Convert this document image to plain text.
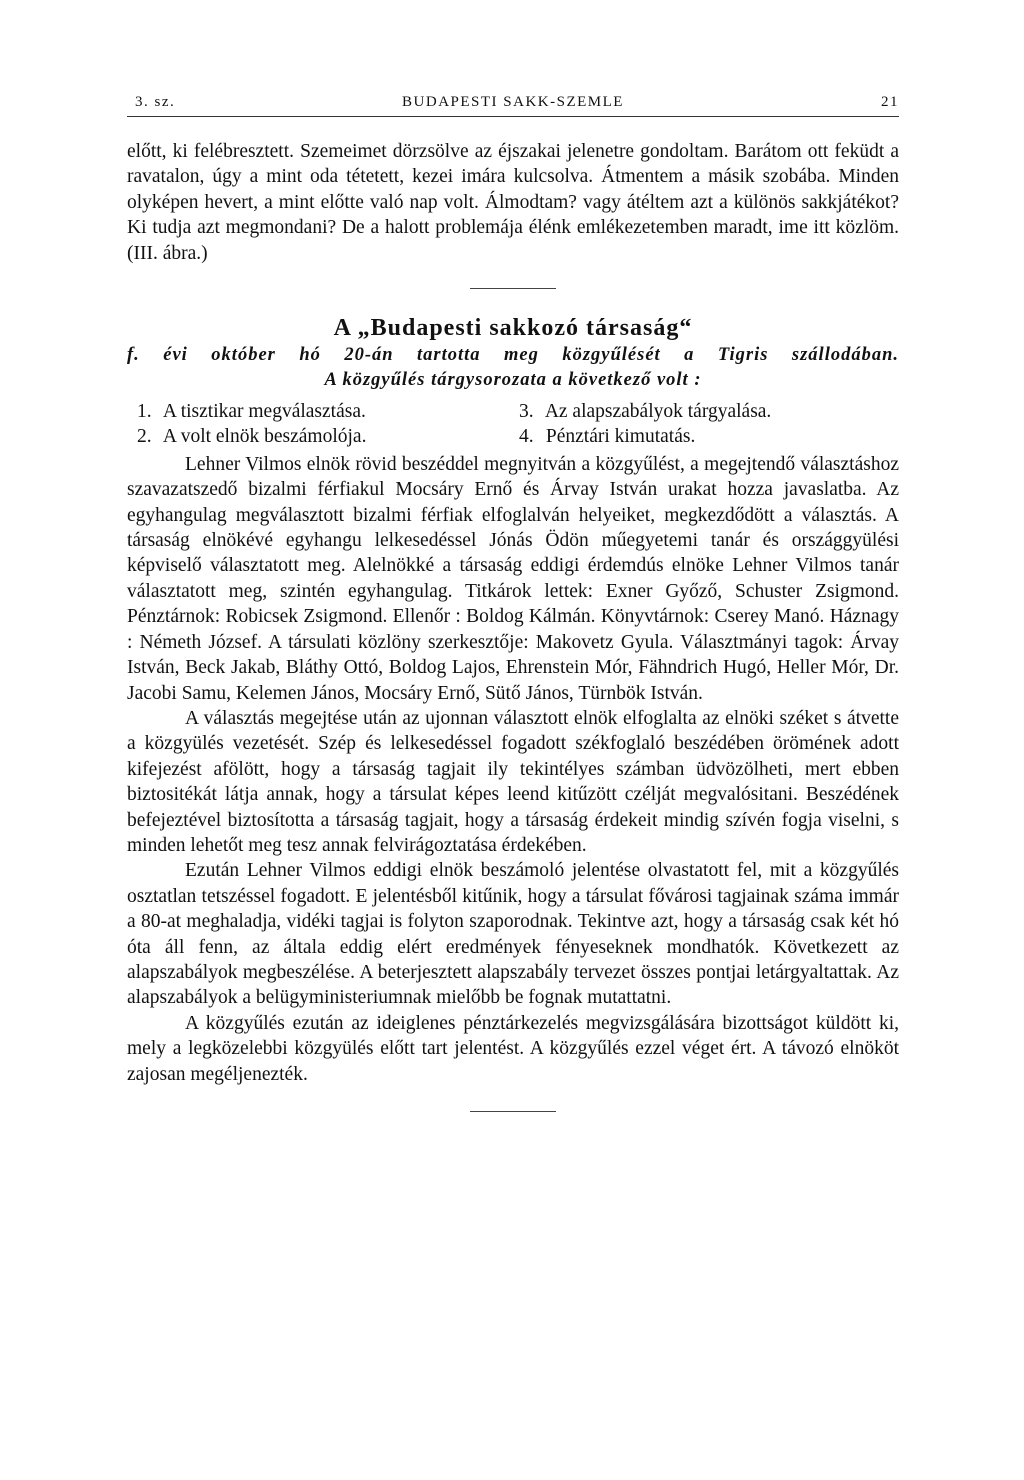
3. sz.	BUDAPESTI SAKK-SZEMLE	21

előtt, ki felébresztett. Szemeimet dörzsölve az éjszakai jelenetre gondoltam. Barátom ott feküdt a ravatalon, úgy a mint oda tétetett, kezei imára kulcsolva. Átmentem a másik szobába. Minden olyképen hevert, a mint előtte való nap volt. Álmodtam? vagy átéltem azt a különös sakkjátékot? Ki tudja azt megmondani? De a halott problemája élénk emlékezetemben maradt, ime itt közlöm. (III. ábra.)

A „Budapesti sakkozó társaság“

f. évi október hó 20-án tartotta meg közgyűlését a Tigris szállodában.

A közgyűlés tárgysorozata a következő volt :

1. A tisztikar megválasztása.	3. Az alapszabályok tárgyalása.
2. A volt elnök beszámolója.	4. Pénztári kimutatás.

Lehner Vilmos elnök rövid beszéddel megnyitván a közgyűlést, a megejtendő választáshoz szavazatszedő bizalmi férfiakul Mocsáry Ernő és Árvay István urakat hozza javaslatba. Az egyhangulag megválasztott bizalmi férfiak elfoglalván helyeiket, megkezdődött a választás. A társaság elnökévé egyhangu lelkesedéssel Jónás Ödön műegyetemi tanár és országgyülési képviselő választatott meg. Alelnökké a társaság eddigi érdemdús elnöke Lehner Vilmos tanár választatott meg, szintén egyhangulag. Titkárok lettek: Exner Győző, Schuster Zsigmond. Pénztárnok: Robicsek Zsigmond. Ellenőr : Boldog Kálmán. Könyvtárnok: Cserey Manó. Háznagy : Németh József. A társulati közlöny szerkesztője: Makovetz Gyula. Választmányi tagok: Árvay István, Beck Jakab, Bláthy Ottó, Boldog Lajos, Ehrenstein Mór, Fähndrich Hugó, Heller Mór, Dr. Jacobi Samu, Kelemen János, Mocsáry Ernő, Sütő János, Türnbök István.

A választás megejtése után az ujonnan választott elnök elfoglalta az elnöki széket s átvette a közgyülés vezetését. Szép és lelkesedéssel fogadott székfoglaló beszédében örömének adott kifejezést afölött, hogy a társaság tagjait ily tekintélyes számban üdvözölheti, mert ebben biztositékát látja annak, hogy a társulat képes leend kitűzött czélját megvalósitani. Beszédének befejeztével biztosította a társaság tagjait, hogy a társaság érdekeit mindig szívén fogja viselni, s minden lehetőt meg tesz annak felvirágoztatása érdekében.

Ezután Lehner Vilmos eddigi elnök beszámoló jelentése olvastatott fel, mit a közgyűlés osztatlan tetszéssel fogadott. E jelentésből kitűnik, hogy a társulat fővárosi tagjainak száma immár a 80-at meghaladja, vidéki tagjai is folyton szaporodnak. Tekintve azt, hogy a társaság csak két hó óta áll fenn, az általa eddig elért eredmények fényeseknek mondhatók. Következett az alapszabályok megbeszélése. A beterjesztett alapszabály tervezet összes pontjai letárgyaltattak. Az alapszabályok a belügyministeriumnak mielőbb be fognak mutattatni.

A közgyűlés ezután az ideiglenes pénztárkezelés megvizsgálására bizottságot küldött ki, mely a legközelebbi közgyülés előtt tart jelentést. A közgyűlés ezzel véget ért. A távozó elnököt zajosan megéljenezték.
